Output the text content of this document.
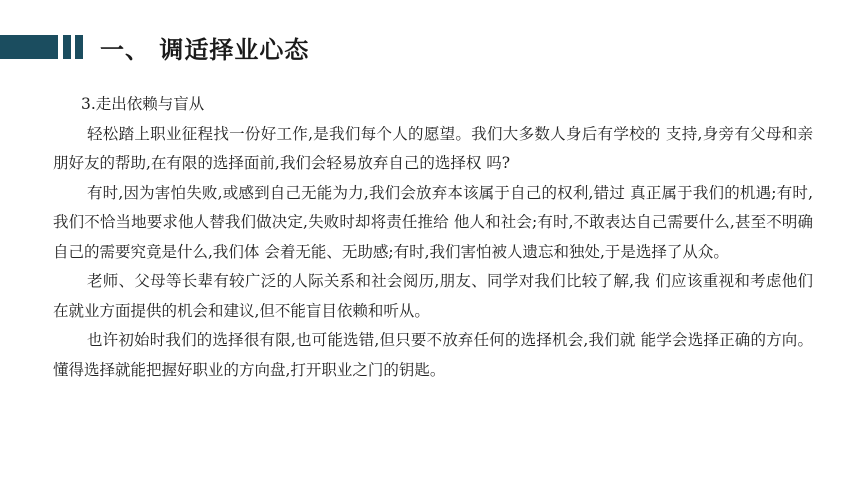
一、 调适择业心态
3.走出依赖与盲从

轻松踏上职业征程找一份好工作,是我们每个人的愿望。我们大多数人身后有学校的 支持,身旁有父母和亲朋好友的帮助,在有限的选择面前,我们会轻易放弃自己的选择权 吗?

有时,因为害怕失败,或感到自己无能为力,我们会放弃本该属于自己的权利,错过 真正属于我们的机遇;有时,我们不恰当地要求他人替我们做决定,失败时却将责任推给 他人和社会;有时,不敢表达自己需要什么,甚至不明确自己的需要究竟是什么,我们体 会着无能、无助感;有时,我们害怕被人遗忘和独处,于是选择了从众。

老师、父母等长辈有较广泛的人际关系和社会阅历,朋友、同学对我们比较了解,我 们应该重视和考虑他们在就业方面提供的机会和建议,但不能盲目依赖和听从。

也许初始时我们的选择很有限,也可能选错,但只要不放弃任何的选择机会,我们就 能学会选择正确的方向。懂得选择就能把握好职业的方向盘,打开职业之门的钥匙。
